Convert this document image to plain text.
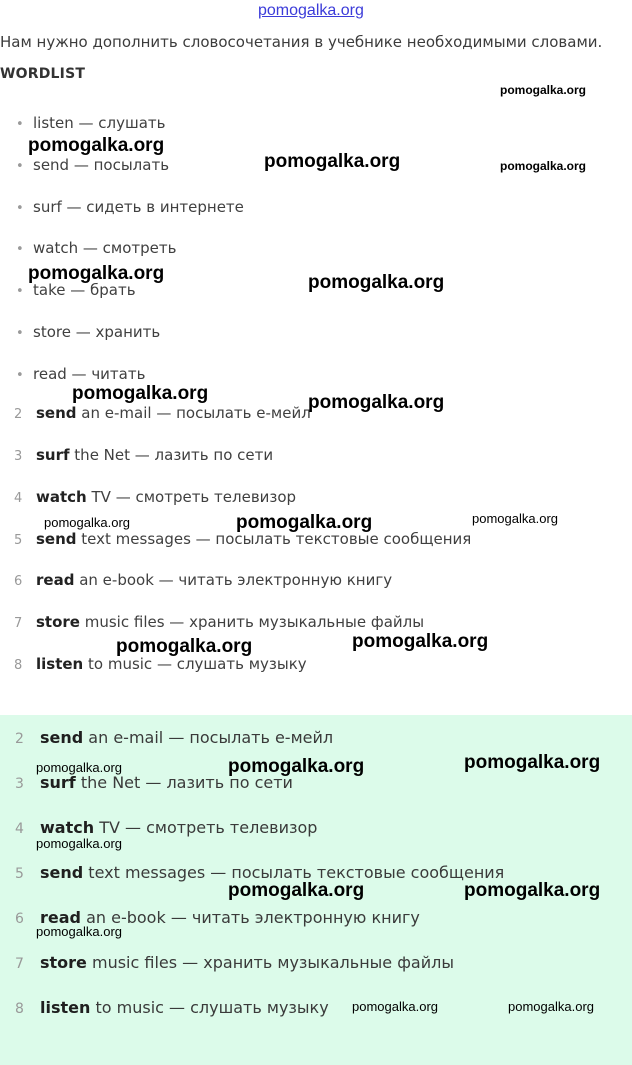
pomogalka.org
Нам нужно дополнить словосочетания в учебнике необходимыми словами.
WORDLIST
• listen — слушать
• send — посылать
• surf — сидеть в интернете
• watch — смотреть
• take — брать
• store — хранить
• read — читать
2 send an e-mail — посылать е-мейл
3 surf the Net — лазить по сети
4 watch TV — смотреть телевизор
5 send text messages — посылать текстовые сообщения
6 read an e-book — читать электронную книгу
7 store music files — хранить музыкальные файлы
8 listen to music — слушать музыку
2 send an e-mail — посылать е-мейл
3 surf the Net — лазить по сети
4 watch TV — смотреть телевизор
5 send text messages — посылать текстовые сообщения
6 read an e-book — читать электронную книгу
7 store music files — хранить музыкальные файлы
8 listen to music — слушать музыку
pomogalka.org
pomogalka.org
pomogalka.org	pomogalka.org
pomogalka.org	pomogalka.org
pomogalka.org	pomogalka.org
pomogalka.org	pomogalka.org	pomogalka.org
pomogalka.org	pomogalka.org
pomogalka.org	pomogalka.org	pomogalka.org
pomogalka.org
pomogalka.org	pomogalka.org
pomogalka.org
pomogalka.org	pomogalka.org
